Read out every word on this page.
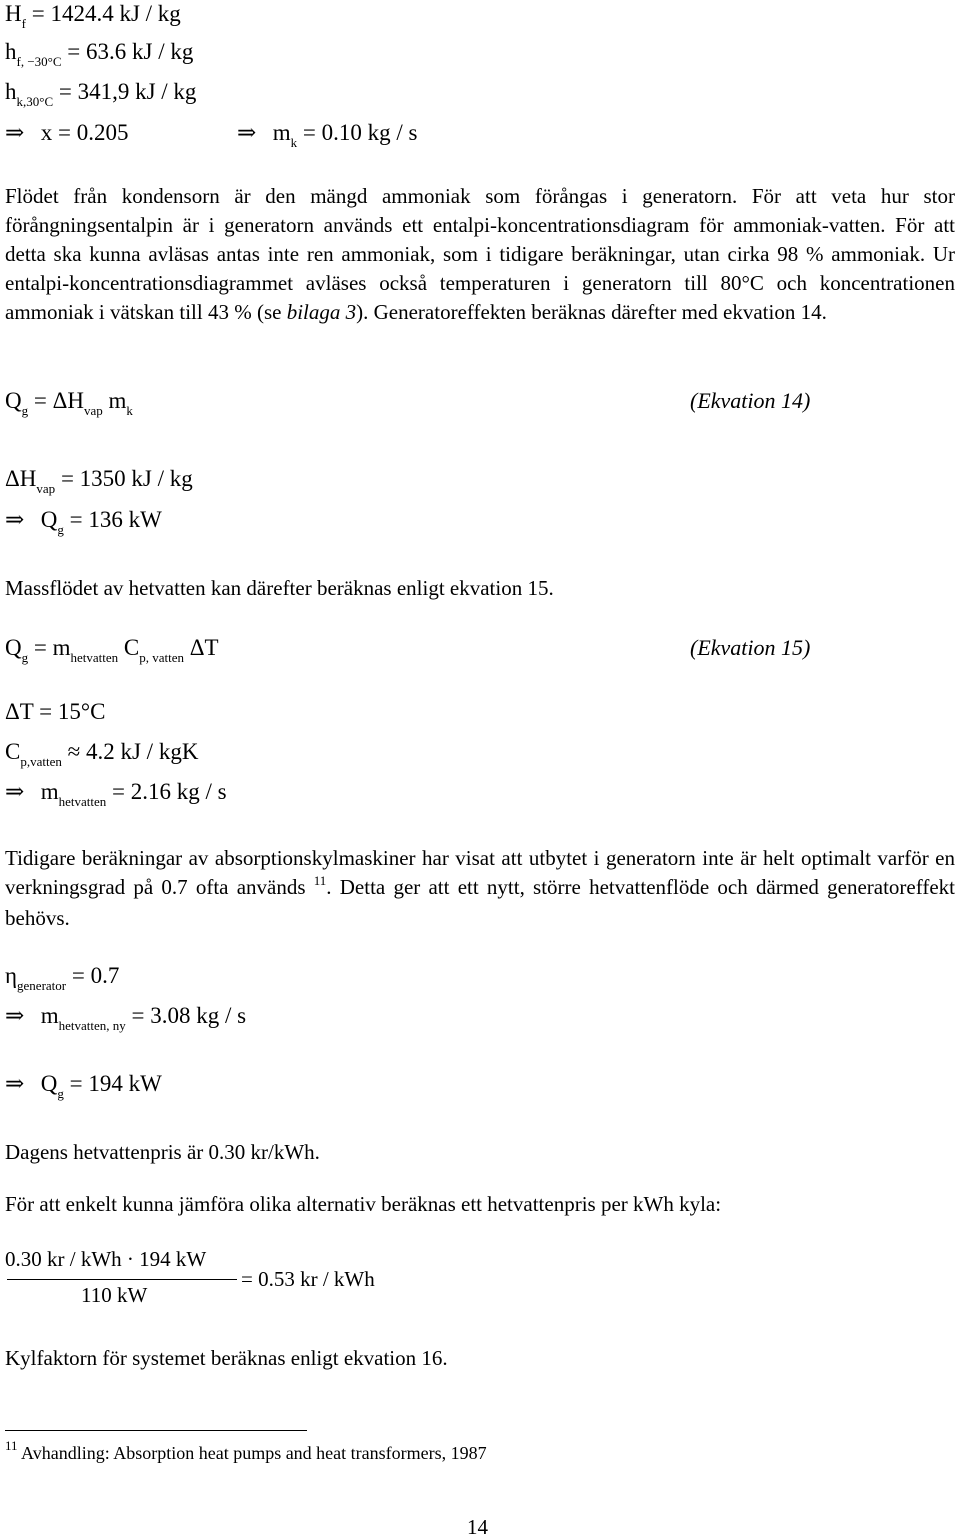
$H_f = 1424.4$ kJ / kg
$h_{f, -30^\circ C} = 63.6$ kJ / kg
$h_{k,30^\circ C} = 341,9$ kJ / kg
⇒ x = 0.205	⇒ $m_k = 0.10$ kg / s

Flödet från kondensorn är den mängd ammoniak som förångas i generatorn. För att veta hur stor förångningsentalpin är i generatorn används ett entalpi-koncentrationsdiagram för ammoniak-vatten. För att detta ska kunna avläsas antas inte ren ammoniak, som i tidigare beräkningar, utan cirka 98 % ammoniak. Ur entalpi-koncentrationsdiagrammet avläses också temperaturen i generatorn till 80°C och koncentrationen ammoniak i vätskan till 43 % (se bilaga 3). Generatoreffekten beräknas därefter med ekvation 14.

$Q_g = \Delta H_{vap}$ $m_k$	(Ekvation 14)
$\Delta H_{vap} = 1350$ kJ / kg
⇒ $Q_g = 136$ kW

Massflödet av hetvatten kan därefter beräknas enligt ekvation 15.

$Q_g = m_{hetvatten}$ $C_{p, vatten}$ ΔT	(Ekvation 15)
ΔT = 15°C
$C_{p,vatten} \approx 4.2$ kJ / kgK
⇒ $m_{hetvatten} = 2.16$ kg / s

Tidigare beräkningar av absorptionskylmaskiner har visat att utbytet i generatorn inte är helt optimalt varför en verkningsgrad på 0.7 ofta används $^{11}$. Detta ger att ett nytt, större hetvattenflöde och därmed generatoreffekt behövs.

$\eta_{generator} = 0.7$
⇒ $m_{hetvatten, ny} = 3.08$ kg / s
⇒ $Q_g = 194$ kW

Dagens hetvattenpris är 0.30 kr/kWh.

För att enkelt kunna jämföra olika alternativ beräknas ett hetvattenpris per kWh kyla:

0.30 kr / kWh · 194 kW
110 kW
= 0.53 kr / kWh

Kylfaktorn för systemet beräknas enligt ekvation 16.

$^{11}$ Avhandling: Absorption heat pumps and heat transformers, 1987
14
